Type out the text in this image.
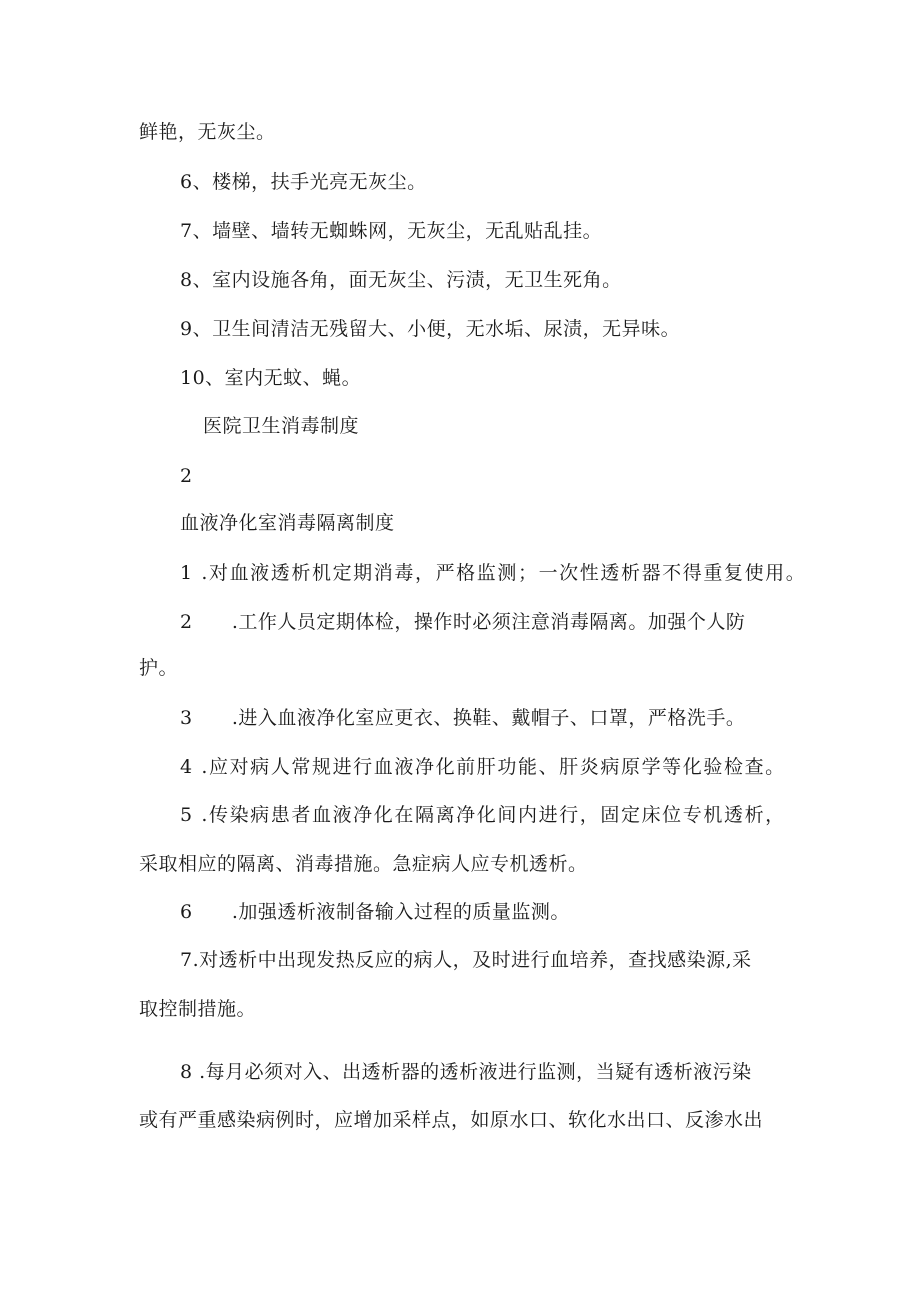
鲜艳，无灰尘。
6、楼梯，扶手光亮无灰尘。
7、墙壁、墙转无蜘蛛网，无灰尘，无乱贴乱挂。
8、室内设施各角，面无灰尘、污渍，无卫生死角。
9、卫生间清洁无残留大、小便，无水垢、尿渍，无异味。
10、室内无蚊、蝇。
医院卫生消毒制度
2
血液净化室消毒隔离制度
1 .对血液透析机定期消毒，严格监测；一次性透析器不得重复使用。
2      .工作人员定期体检，操作时必须注意消毒隔离。加强个人防
护。
3      .进入血液净化室应更衣、换鞋、戴帽子、口罩，严格洗手。
4 .应对病人常规进行血液净化前肝功能、肝炎病原学等化验检查。
5 .传染病患者血液净化在隔离净化间内进行，固定床位专机透析，
采取相应的隔离、消毒措施。急症病人应专机透析。
6      .加强透析液制备输入过程的质量监测。
7.对透析中出现发热反应的病人，及时进行血培养，查找感染源,采
取控制措施。
8 .每月必须对入、出透析器的透析液进行监测，当疑有透析液污染
或有严重感染病例时，应增加采样点，如原水口、软化水出口、反渗水出
